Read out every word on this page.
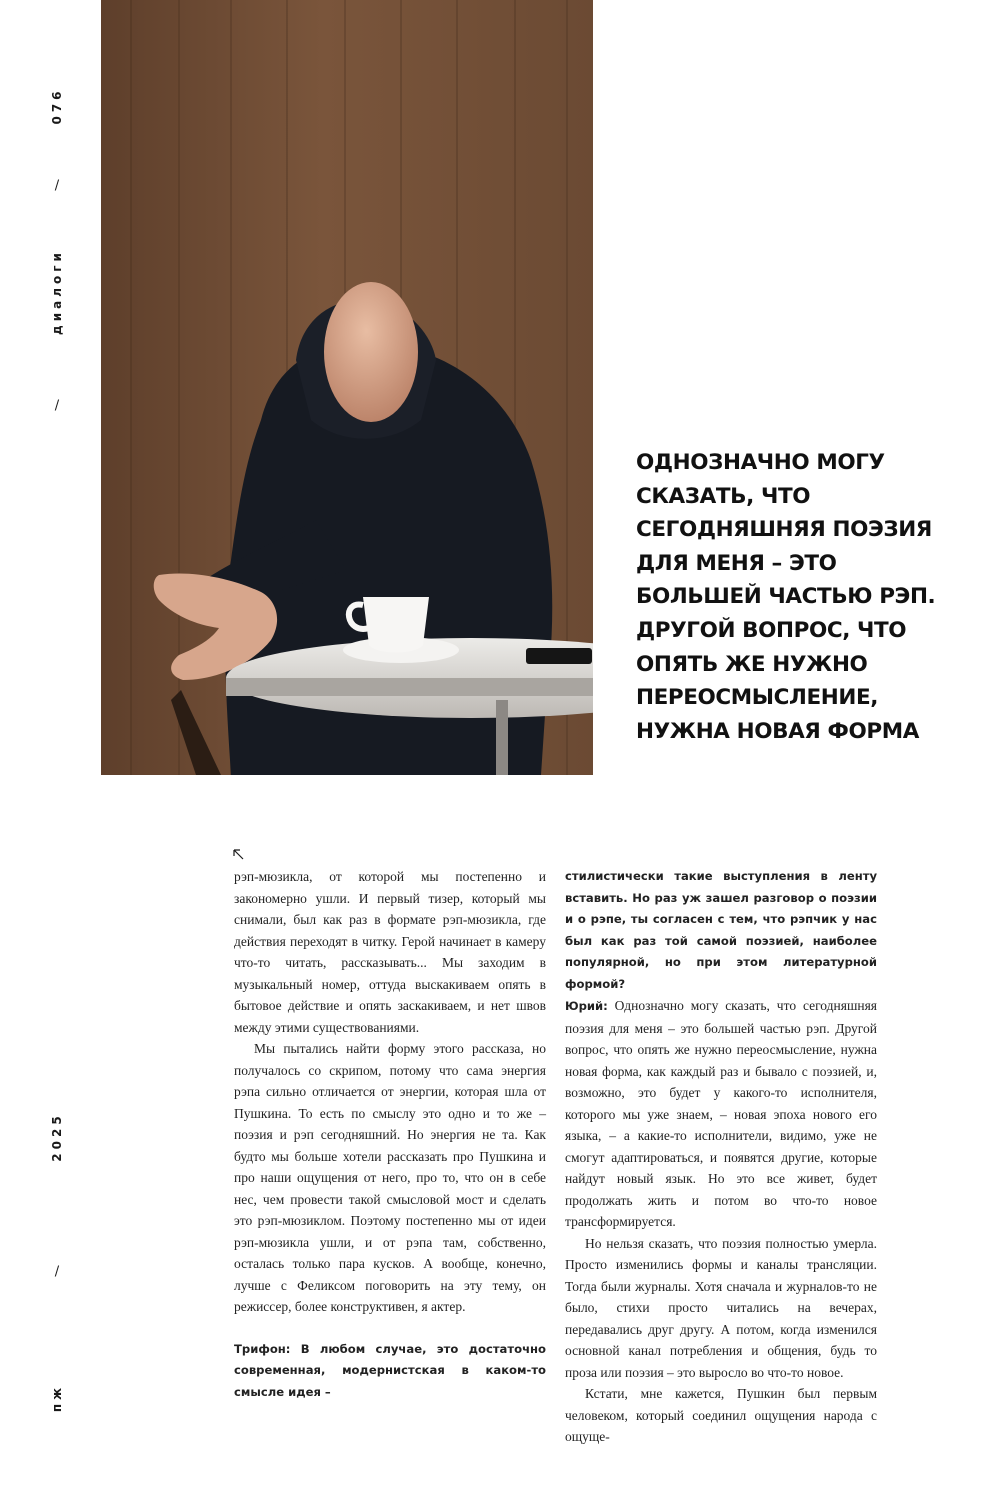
076
/
диалоги
/
2025
/
пж

ОДНОЗНАЧНО МОГУ СКАЗАТЬ, ЧТО СЕГОДНЯШНЯЯ ПОЭЗИЯ ДЛЯ МЕНЯ – ЭТО БОЛЬШЕЙ ЧАСТЬЮ РЭП. ДРУГОЙ ВОПРОС, ЧТО ОПЯТЬ ЖЕ НУЖНО ПЕРЕОСМЫСЛЕНИЕ, НУЖНА НОВАЯ ФОРМА

рэп-мюзикла, от которой мы постепенно и закономерно ушли. И первый тизер, который мы снимали, был как раз в формате рэп-мюзикла, где действия переходят в читку. Герой начинает в камеру что-то читать, рассказывать... Мы заходим в музыкальный номер, оттуда выскакиваем опять в бытовое действие и опять заскакиваем, и нет швов между этими существованиями.

Мы пытались найти форму этого рассказа, но получалось со скрипом, потому что сама энергия рэпа сильно отличается от энергии, которая шла от Пушкина. То есть по смыслу это одно и то же – поэзия и рэп сегодняшний. Но энергия не та. Как будто мы больше хотели рассказать про Пушкина и про наши ощущения от него, про то, что он в себе нес, чем провести такой смысловой мост и сделать это рэп-мюзиклом. Поэтому постепенно мы от идеи рэп-мюзикла ушли, и от рэпа там, собственно, осталась только пара кусков. А вообще, конечно, лучше с Феликсом поговорить на эту тему, он режиссер, более конструктивен, я актер.

Трифон: В любом случае, это достаточно современная, модернистская в каком-то смысле идея –

стилистически такие выступления в ленту вставить. Но раз уж зашел разговор о поэзии и о рэпе, ты согласен с тем, что рэпчик у нас был как раз той самой поэзией, наиболее популярной, но при этом литературной формой?

Юрий: Однозначно могу сказать, что сегодняшняя поэзия для меня – это большей частью рэп. Другой вопрос, что опять же нужно переосмысление, нужна новая форма, как каждый раз и бывало с поэзией, и, возможно, это будет у какого-то исполнителя, которого мы уже знаем, – новая эпоха нового его языка, – а какие-то исполнители, видимо, уже не смогут адаптироваться, и появятся другие, которые найдут новый язык. Но это все живет, будет продолжать жить и потом во что-то новое трансформируется.

Но нельзя сказать, что поэзия полностью умерла. Просто изменились формы и каналы трансляции. Тогда были журналы. Хотя сначала и журналов-то не было, стихи просто читались на вечерах, передавались друг другу. А потом, когда изменился основной канал потребления и общения, будь то проза или поэзия – это выросло во что-то новое.

Кстати, мне кажется, Пушкин был первым человеком, который соединил ощущения народа с ощуще-
